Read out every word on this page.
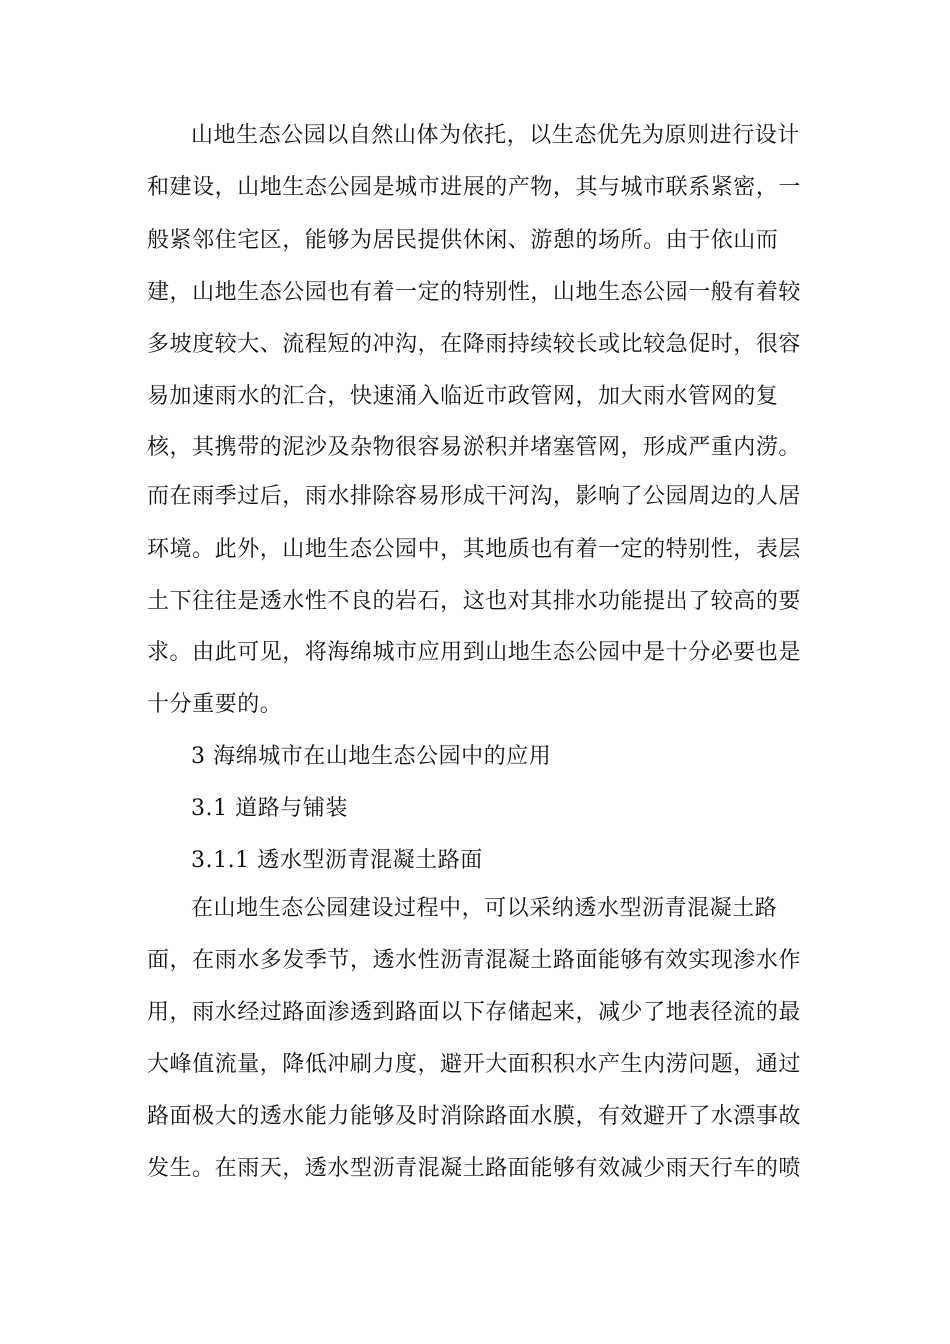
山地生态公园以自然山体为依托，以生态优先为原则进行设计
和建设，山地生态公园是城市进展的产物，其与城市联系紧密，一
般紧邻住宅区，能够为居民提供休闲、游憩的场所。由于依山而
建，山地生态公园也有着一定的特别性，山地生态公园一般有着较
多坡度较大、流程短的冲沟，在降雨持续较长或比较急促时，很容
易加速雨水的汇合，快速涌入临近市政管网，加大雨水管网的复
核，其携带的泥沙及杂物很容易淤积并堵塞管网，形成严重内涝。
而在雨季过后，雨水排除容易形成干河沟，影响了公园周边的人居
环境。此外，山地生态公园中，其地质也有着一定的特别性，表层
土下往往是透水性不良的岩石，这也对其排水功能提出了较高的要
求。由此可见，将海绵城市应用到山地生态公园中是十分必要也是
十分重要的。
3 海绵城市在山地生态公园中的应用
3.1 道路与铺装
3.1.1 透水型沥青混凝土路面
在山地生态公园建设过程中，可以采纳透水型沥青混凝土路
面，在雨水多发季节，透水性沥青混凝土路面能够有效实现渗水作
用，雨水经过路面渗透到路面以下存储起来，减少了地表径流的最
大峰值流量，降低冲刷力度，避开大面积积水产生内涝问题，通过
路面极大的透水能力能够及时消除路面水膜，有效避开了水漂事故
发生。在雨天，透水型沥青混凝土路面能够有效减少雨天行车的喷
